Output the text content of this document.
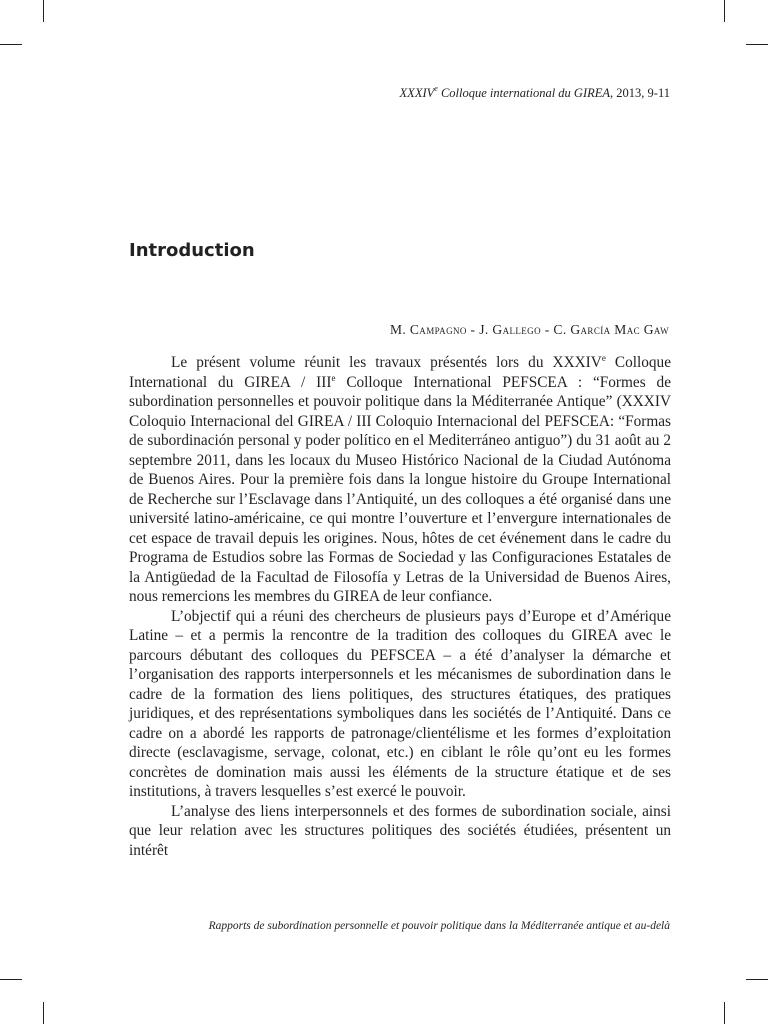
XXXIVe Colloque international du GIREA, 2013, 9-11
Introduction
M. Campagno - J. Gallego - C. García Mac Gaw

Le présent volume réunit les travaux présentés lors du XXXIVe Colloque International du GIREA / IIIe Colloque International PEFSCEA : “Formes de subordination personnelles et pouvoir politique dans la Méditerranée Antique” (XXXIV Coloquio Internacional del GIREA / III Coloquio Internacional del PEFSCEA: “Formas de subordinación personal y poder político en el Mediterráneo antiguo”) du 31 août au 2 septembre 2011, dans les locaux du Museo Histórico Nacional de la Ciudad Autónoma de Buenos Aires. Pour la première fois dans la longue histoire du Groupe International de Recherche sur l’Esclavage dans l’Antiquité, un des colloques a été organisé dans une université latino-américaine, ce qui montre l’ouverture et l’envergure internationales de cet espace de travail depuis les origines. Nous, hôtes de cet événement dans le cadre du Programa de Estudios sobre las Formas de Sociedad y las Configuraciones Estatales de la Antigüedad de la Facultad de Filosofía y Letras de la Universidad de Buenos Aires, nous remercions les membres du GIREA de leur confiance.

L’objectif qui a réuni des chercheurs de plusieurs pays d’Europe et d’Amérique Latine – et a permis la rencontre de la tradition des colloques du GIREA avec le parcours débutant des colloques du PEFSCEA – a été d’analyser la démarche et l’organisation des rapports interpersonnels et les mécanismes de subordination dans le cadre de la formation des liens politiques, des structures étatiques, des pratiques juridiques, et des représentations symboliques dans les sociétés de l’Antiquité. Dans ce cadre on a abordé les rapports de patronage/clientélisme et les formes d’exploitation directe (esclavagisme, servage, colonat, etc.) en ciblant le rôle qu’ont eu les formes concrètes de domination mais aussi les éléments de la structure étatique et de ses institutions, à travers lesquelles s’est exercé le pouvoir.

L’analyse des liens interpersonnels et des formes de subordination sociale, ainsi que leur relation avec les structures politiques des sociétés étudiées, présentent un intérêt

Rapports de subordination personnelle et pouvoir politique dans la Méditerranée antique et au-delà
